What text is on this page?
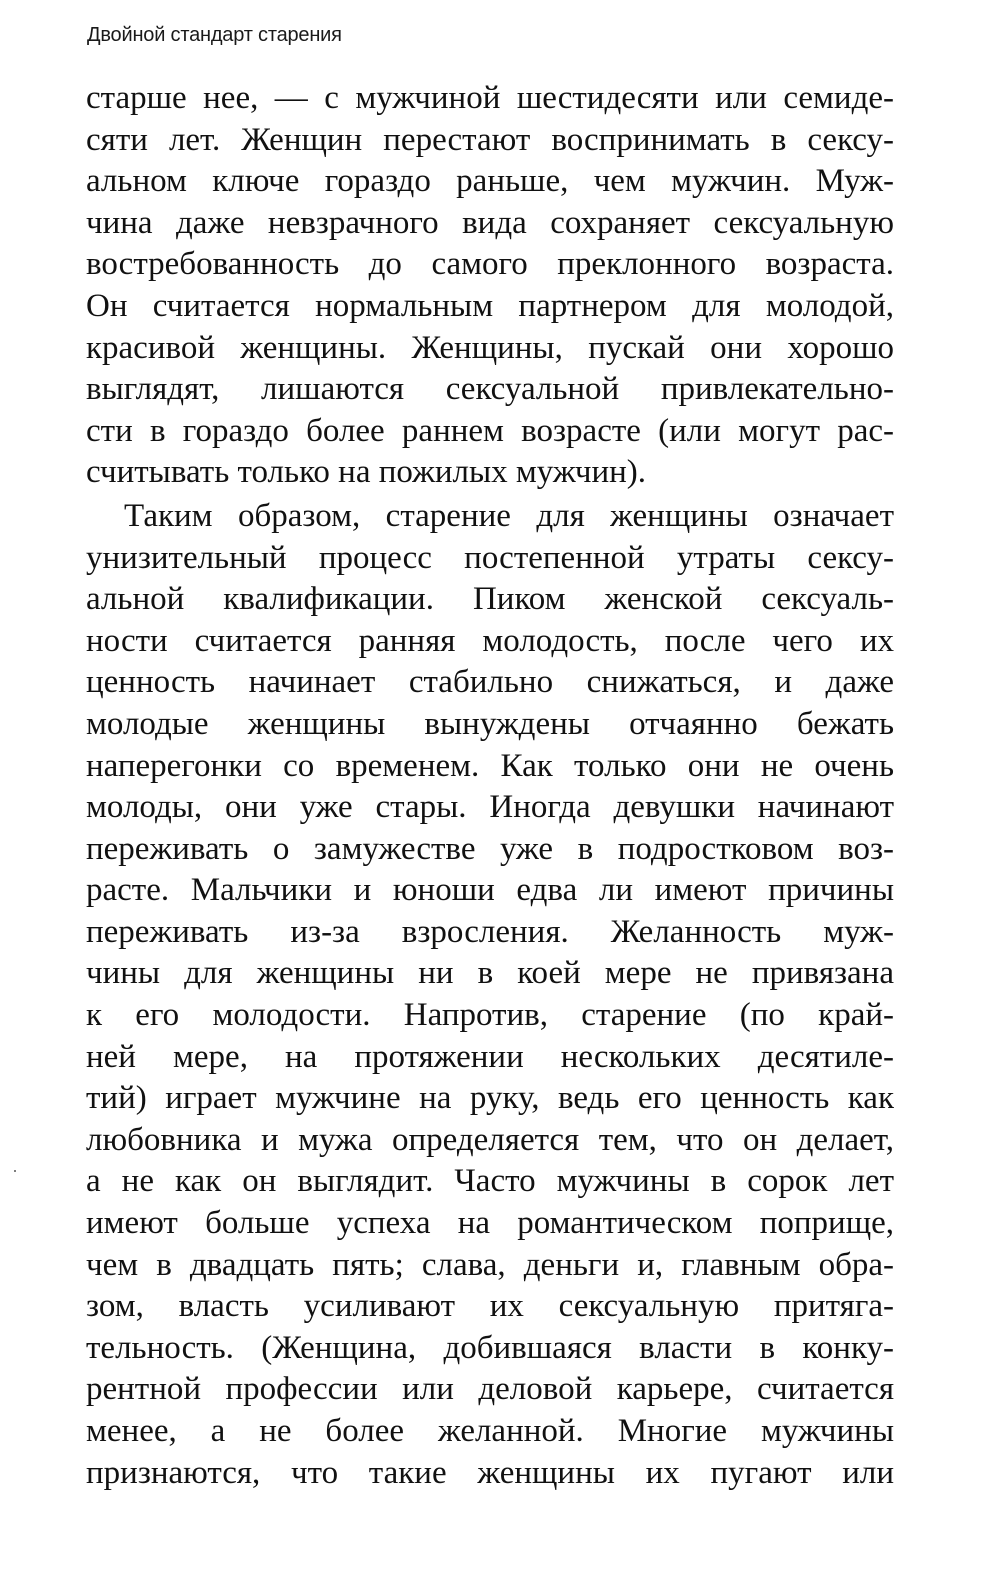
Двойной стандарт старения
старше нее, — с мужчиной шестидесяти или семиде-
сяти лет. Женщин перестают воспринимать в сексу-
альном ключе гораздо раньше, чем мужчин. Муж-
чина даже невзрачного вида сохраняет сексуальную
востребованность до самого преклонного возраста.
Он считается нормальным партнером для молодой,
красивой женщины. Женщины, пускай они хорошо
выглядят, лишаются сексуальной привлекательно-
сти в гораздо более раннем возрасте (или могут рас-
считывать только на пожилых мужчин).
Таким образом, старение для женщины означает
унизительный процесс постепенной утраты сексу-
альной квалификации. Пиком женской сексуаль-
ности считается ранняя молодость, после чего их
ценность начинает стабильно снижаться, и даже
молодые женщины вынуждены отчаянно бежать
наперегонки со временем. Как только они не очень
молоды, они уже стары. Иногда девушки начинают
переживать о замужестве уже в подростковом воз-
расте. Мальчики и юноши едва ли имеют причины
переживать из-за взросления. Желанность муж-
чины для женщины ни в коей мере не привязана
к его молодости. Напротив, старение (по край-
ней мере, на протяжении нескольких десятиле-
тий) играет мужчине на руку, ведь его ценность как
любовника и мужа определяется тем, что он делает,
а не как он выглядит. Часто мужчины в сорок лет
имеют больше успеха на романтическом поприще,
чем в двадцать пять; слава, деньги и, главным обра-
зом, власть усиливают их сексуальную притяга-
тельность. (Женщина, добившаяся власти в конку-
рентной профессии или деловой карьере, считается
менее, а не более желанной. Многие мужчины
признаются, что такие женщины их пугают или
